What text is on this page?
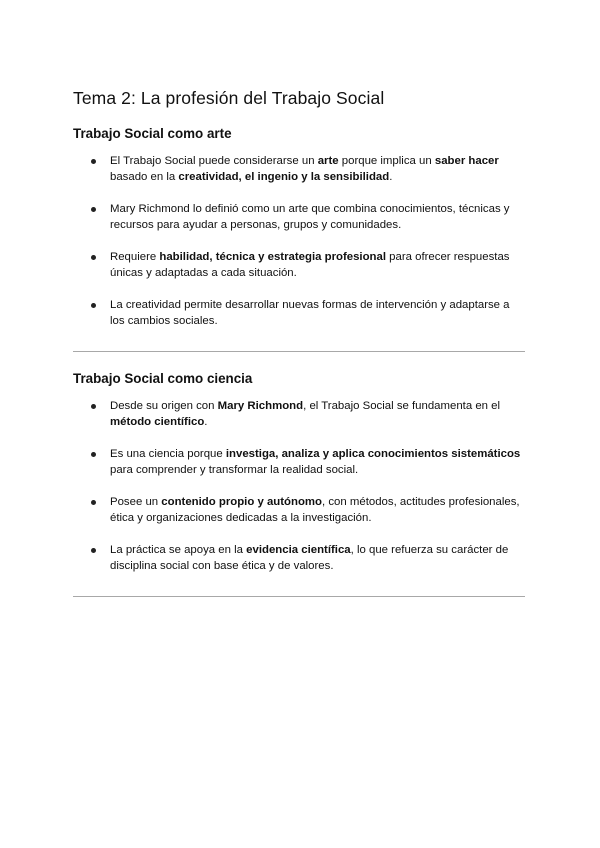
Tema 2: La profesión del Trabajo Social
Trabajo Social como arte
El Trabajo Social puede considerarse un arte porque implica un saber hacer basado en la creatividad, el ingenio y la sensibilidad.
Mary Richmond lo definió como un arte que combina conocimientos, técnicas y recursos para ayudar a personas, grupos y comunidades.
Requiere habilidad, técnica y estrategia profesional para ofrecer respuestas únicas y adaptadas a cada situación.
La creatividad permite desarrollar nuevas formas de intervención y adaptarse a los cambios sociales.
Trabajo Social como ciencia
Desde su origen con Mary Richmond, el Trabajo Social se fundamenta en el método científico.
Es una ciencia porque investiga, analiza y aplica conocimientos sistemáticos para comprender y transformar la realidad social.
Posee un contenido propio y autónomo, con métodos, actitudes profesionales, ética y organizaciones dedicadas a la investigación.
La práctica se apoya en la evidencia científica, lo que refuerza su carácter de disciplina social con base ética y de valores.
